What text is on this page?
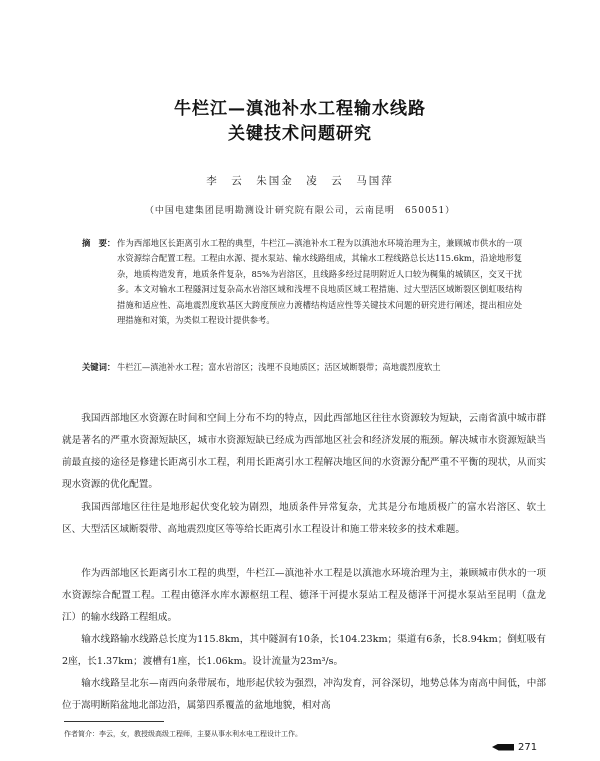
牛栏江—滇池补水工程输水线路
关键技术问题研究
李　云　朱国金　凌　云　马国萍
（中国电建集团昆明勘测设计研究院有限公司，云南昆明　650051）
摘　要： 作为西部地区长距离引水工程的典型，牛栏江—滇池补水工程为以滇池水环境治理为主，兼顾城市供水的一项水资源综合配置工程。工程由水源、提水泵站、输水线路组成，其输水工程线路总长达115.6km，沿途地形复杂，地质构造发育，地质条件复杂，85%为岩溶区，且线路多经过昆明附近人口较为稠集的城镇区，交叉干扰多。本文对输水工程隧洞过复杂高水岩溶区域和浅埋不良地质区域工程措施、过大型活区域断裂区倒虹吸结构措施和适应性、高地震烈度软基区大跨度预应力渡槽结构适应性等关键技术问题的研究进行阐述，提出相应处理措施和对策，为类似工程设计提供参考。
关键词： 牛栏江—滇池补水工程；富水岩溶区；浅埋不良地质区；活区域断裂带；高地震烈度软土
我国西部地区水资源在时间和空间上分布不均的特点，因此西部地区往往水资源较为短缺，云南省滇中城市群就是著名的严重水资源短缺区，城市水资源短缺已经成为西部地区社会和经济发展的瓶颈。解决城市水资源短缺当前最直接的途径是修建长距离引水工程，利用长距离引水工程解决地区间的水资源分配严重不平衡的现状，从而实现水资源的优化配置。
我国西部地区往往是地形起伏变化较为剧烈，地质条件异常复杂，尤其是分布地质极广的富水岩溶区、软土区、大型活区域断裂带、高地震烈度区等等给长距离引水工程设计和施工带来较多的技术难题。
作为西部地区长距离引水工程的典型，牛栏江—滇池补水工程是以滇池水环境治理为主，兼顾城市供水的一项水资源综合配置工程。工程由德泽水库水源枢纽工程、德泽干河提水泵站工程及德泽干河提水泵站至昆明（盘龙江）的输水线路工程组成。
输水线路输水线路总长度为115.8km，其中隧洞有10条，长104.23km；渠道有6条，长8.94km；倒虹吸有2座，长1.37km；渡槽有1座，长1.06km。设计流量为23m³/s。
输水线路呈北东—南西向条带展布，地形起伏较为强烈，冲沟发育，河谷深切，地势总体为南高中间低，中部位于嵩明断陷盆地北部边沿，属第四系覆盖的盆地地貌，相对高
作者简介：李云，女，教授级高级工程师，主要从事水利水电工程设计工作。
271
